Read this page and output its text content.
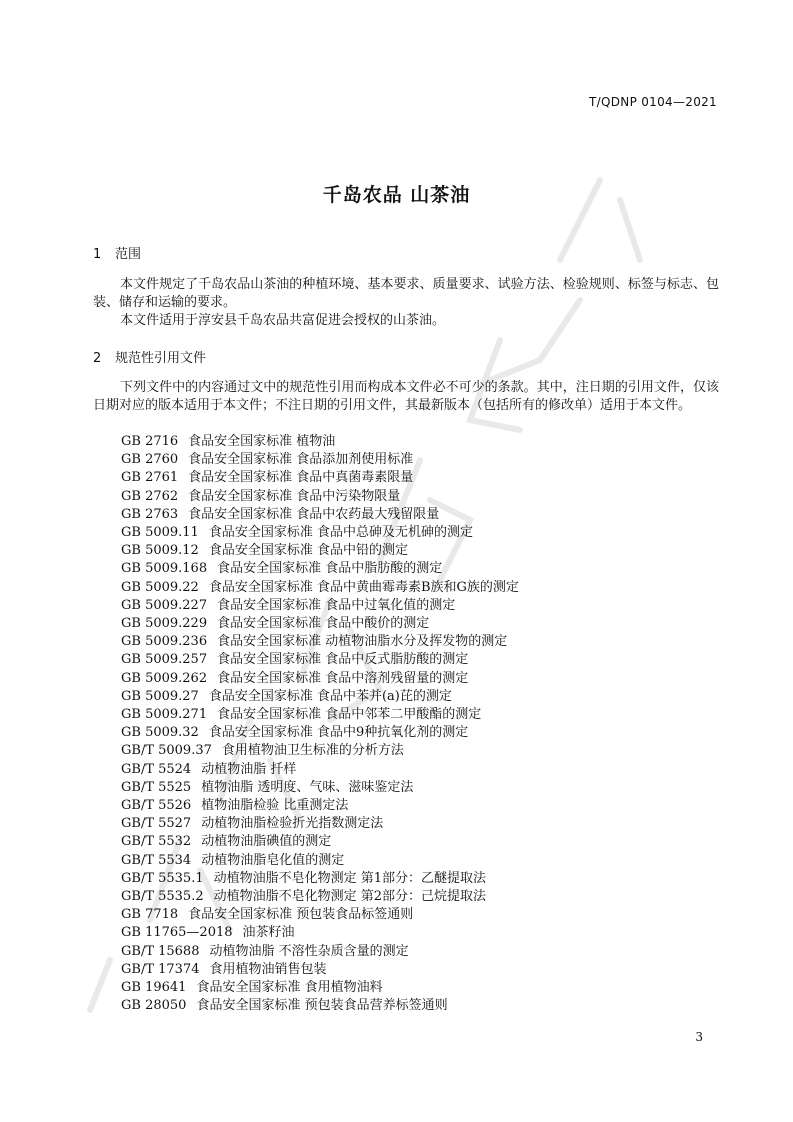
T/QDNP 0104—2021
千岛农品 山茶油
1 范围
本文件规定了千岛农品山茶油的种植环境、基本要求、质量要求、试验方法、检验规则、标签与标志、包装、储存和运输的要求。
本文件适用于淳安县千岛农品共富促进会授权的山茶油。
2 规范性引用文件
下列文件中的内容通过文中的规范性引用而构成本文件必不可少的条款。其中，注日期的引用文件，仅该日期对应的版本适用于本文件；不注日期的引用文件，其最新版本（包括所有的修改单）适用于本文件。
GB 2716 食品安全国家标准 植物油
GB 2760 食品安全国家标准 食品添加剂使用标准
GB 2761 食品安全国家标准 食品中真菌毒素限量
GB 2762 食品安全国家标准 食品中污染物限量
GB 2763 食品安全国家标准 食品中农药最大残留限量
GB 5009.11 食品安全国家标准 食品中总砷及无机砷的测定
GB 5009.12 食品安全国家标准 食品中铅的测定
GB 5009.168 食品安全国家标准 食品中脂肪酸的测定
GB 5009.22 食品安全国家标准 食品中黄曲霉毒素B族和G族的测定
GB 5009.227 食品安全国家标准 食品中过氧化值的测定
GB 5009.229 食品安全国家标准 食品中酸价的测定
GB 5009.236 食品安全国家标准 动植物油脂水分及挥发物的测定
GB 5009.257 食品安全国家标准 食品中反式脂肪酸的测定
GB 5009.262 食品安全国家标准 食品中溶剂残留量的测定
GB 5009.27 食品安全国家标准 食品中苯并(a)芘的测定
GB 5009.271 食品安全国家标准 食品中邻苯二甲酸酯的测定
GB 5009.32 食品安全国家标准 食品中9种抗氧化剂的测定
GB/T 5009.37 食用植物油卫生标准的分析方法
GB/T 5524 动植物油脂 扦样
GB/T 5525 植物油脂 透明度、气味、滋味鉴定法
GB/T 5526 植物油脂检验 比重测定法
GB/T 5527 动植物油脂检验折光指数测定法
GB/T 5532 动植物油脂碘值的测定
GB/T 5534 动植物油脂皂化值的测定
GB/T 5535.1 动植物油脂不皂化物测定 第1部分：乙醚提取法
GB/T 5535.2 动植物油脂不皂化物测定 第2部分：己烷提取法
GB 7718 食品安全国家标准 预包装食品标签通则
GB 11765—2018 油茶籽油
GB/T 15688 动植物油脂 不溶性杂质含量的测定
GB/T 17374 食用植物油销售包装
GB 19641 食品安全国家标准 食用植物油料
GB 28050 食品安全国家标准 预包装食品营养标签通则
3
